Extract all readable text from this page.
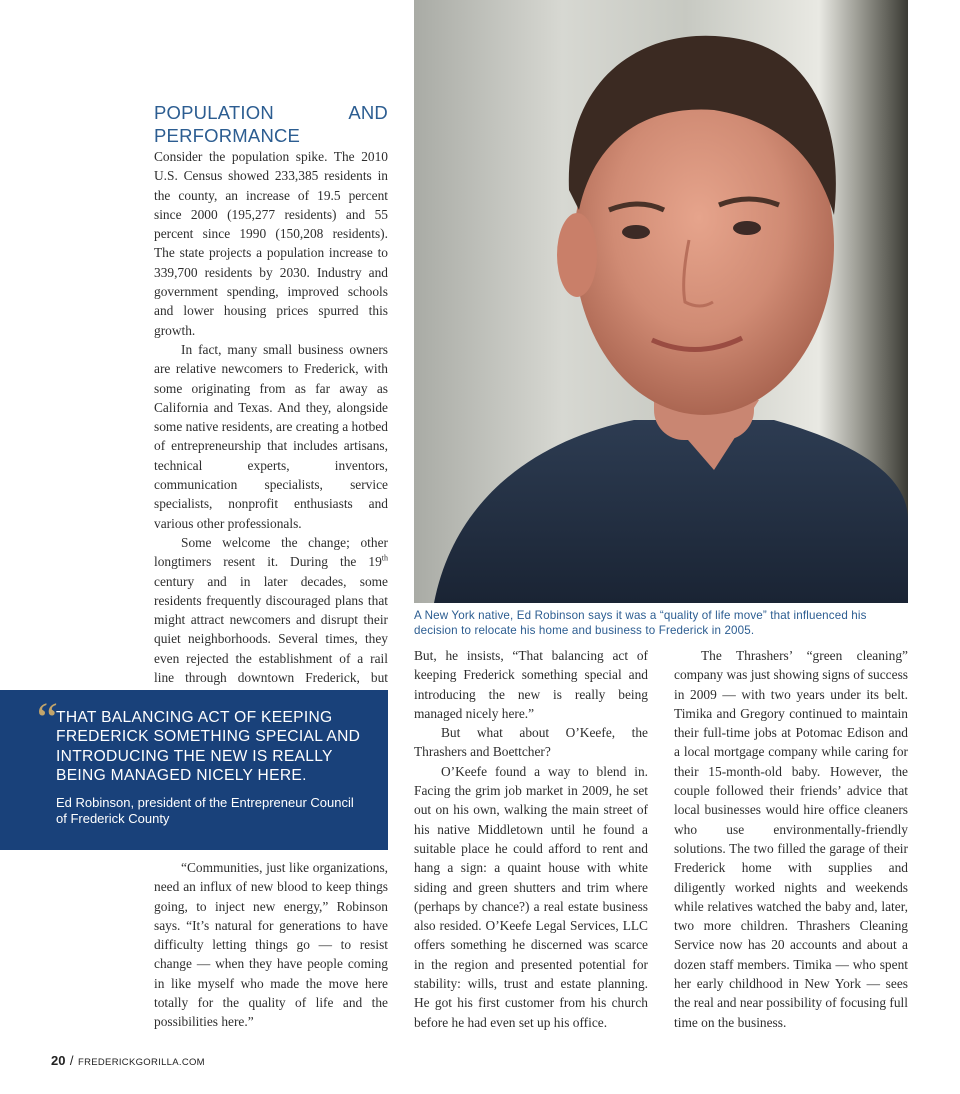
POPULATION AND PERFORMANCE

Consider the population spike. The 2010 U.S. Census showed 233,385 residents in the county, an increase of 19.5 percent since 2000 (195,277 residents) and 55 percent since 1990 (150,208 residents). The state projects a population increase to 339,700 residents by 2030. Industry and government spending, improved schools and lower housing prices spurred this growth.

In fact, many small business owners are relative newcomers to Frederick, with some originating from as far away as California and Texas. And they, alongside some native residents, are creating a hotbed of entrepreneurship that includes artisans, technical experts, inventors, communication specialists, service specialists, nonprofit enthusiasts and various other professionals.

Some welcome the change; other longtimers resent it. During the 19th century and in later decades, some residents frequently discouraged plans that might attract newcomers and disrupt their quiet neighborhoods. Several times, they even rejected the establishment of a rail line through downtown Frederick, but

A New York native, Ed Robinson says it was a “quality of life move” that influenced his decision to relocate his home and business to Frederick in 2005.
“
THAT BALANCING ACT OF KEEPING FREDERICK SOMETHING SPECIAL AND INTRODUCING THE NEW IS REALLY BEING MANAGED NICELY HERE.
Ed Robinson, president of the Entrepreneur Council of Frederick County

“Communities, just like organizations, need an influx of new blood to keep things going, to inject new energy,” Robinson says. “It’s natural for generations to have difficulty letting things go — to resist change — when they have people coming in like myself who made the move here totally for the quality of life and the possibilities here.”

But, he insists, “That balancing act of keeping Frederick something special and introducing the new is really being managed nicely here.”

But what about O’Keefe, the Thrashers and Boettcher?

O’Keefe found a way to blend in. Facing the grim job market in 2009, he set out on his own, walking the main street of his native Middletown until he found a suitable place he could afford to rent and hang a sign: a quaint house with white siding and green shutters and trim where (perhaps by chance?) a real estate business also resided. O’Keefe Legal Services, LLC offers something he discerned was scarce in the region and presented potential for stability: wills, trust and estate planning. He got his first customer from his church before he had even set up his office.

The Thrashers’ “green cleaning” company was just showing signs of success in 2009 — with two years under its belt. Timika and Gregory continued to maintain their full-time jobs at Potomac Edison and a local mortgage company while caring for their 15-month-old baby. However, the couple followed their friends’ advice that local businesses would hire office cleaners who use environmentally-friendly solutions. The two filled the garage of their Frederick home with supplies and diligently worked nights and weekends while relatives watched the baby and, later, two more children. Thrashers Cleaning Service now has 20 accounts and about a dozen staff members. Timika — who spent her early childhood in New York — sees the real and near possibility of focusing full time on the business.

20 / FREDERICKGORILLA.COM
